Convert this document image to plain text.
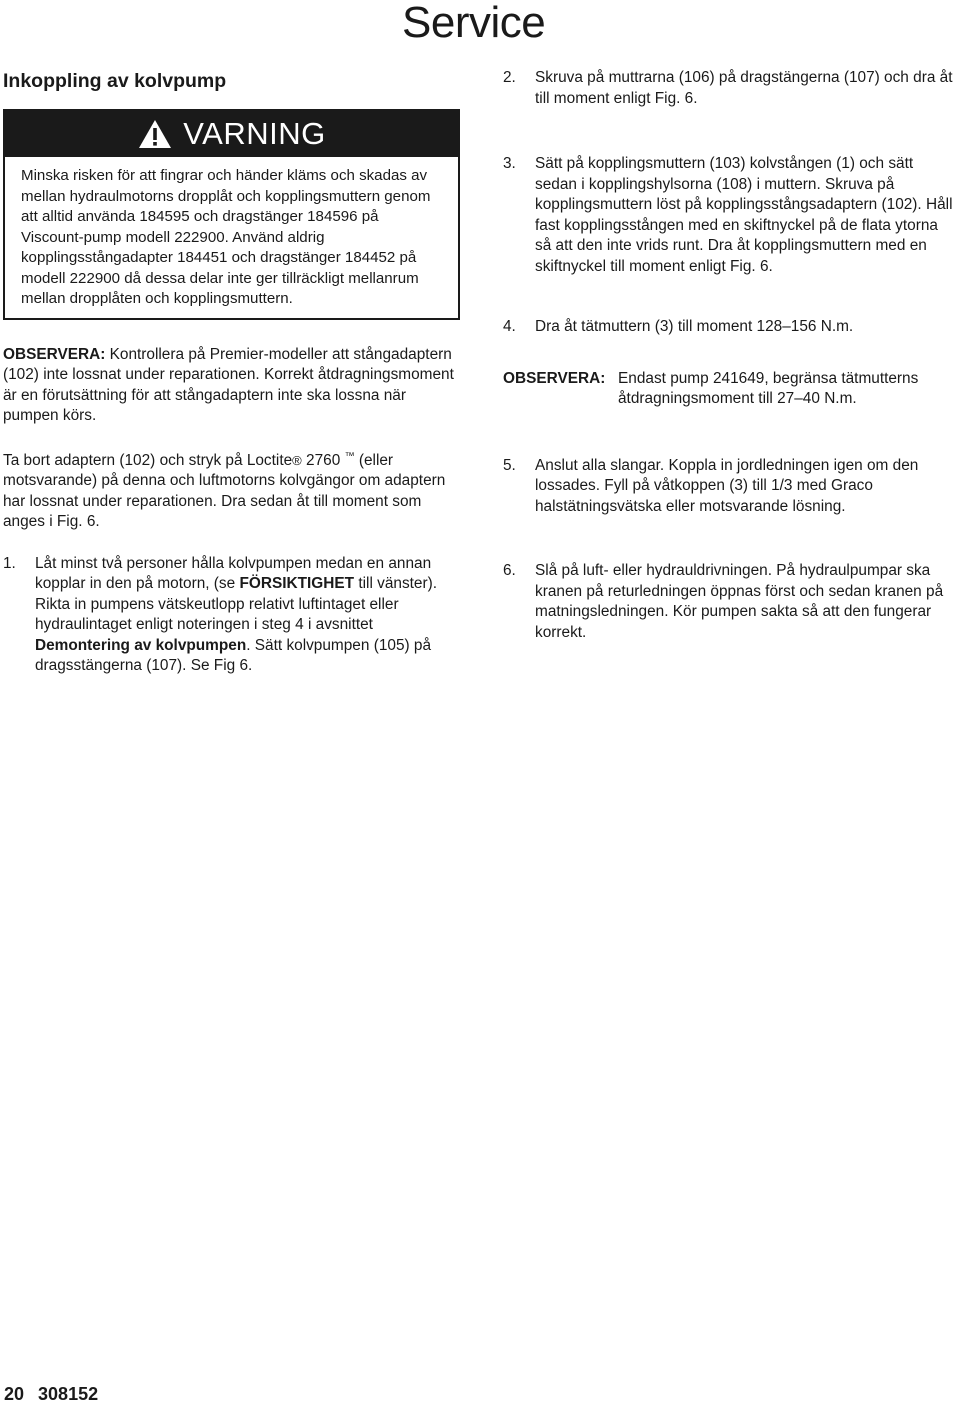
Service
Inkoppling av kolvpump
VARNING
Minska risken för att fingrar och händer kläms och skadas av mellan hydraulmotorns dropplåt och kopplingsmuttern genom att alltid använda 184595 och dragstänger 184596 på Viscount-pump modell 222900. Använd aldrig kopplingsstångadapter 184451 och dragstänger 184452 på modell 222900 då dessa delar inte ger tillräckligt mellanrum mellan dropplåten och kopplingsmuttern.

OBSERVERA: Kontrollera på Premier-modeller att stångadaptern (102) inte lossnat under reparationen. Korrekt åtdragningsmoment är en förutsättning för att stångadaptern inte ska lossna när pumpen körs.

Ta bort adaptern (102) och stryk på Loctite® 2760 ™ (eller motsvarande) på denna och luftmotorns kolvgängor om adaptern har lossnat under reparationen. Dra sedan åt till moment som anges i Fig. 6.

1.	Låt minst två personer hålla kolvpumpen medan en annan kopplar in den på motorn, (se FÖRSIKTIGHET till vänster). Rikta in pumpens vätskeutlopp relativt luftintaget eller hydraulintaget enligt noteringen i steg 4 i avsnittet Demontering av kolvpumpen. Sätt kolvpumpen (105) på dragsstängerna (107). Se Fig 6.
2.	Skruva på muttrarna (106) på dragstängerna (107) och dra åt till moment enligt Fig. 6.
3.	Sätt på kopplingsmuttern (103) kolvstången (1) och sätt sedan i kopplingshylsorna (108) i muttern. Skruva på kopplingsmuttern löst på kopplingsstångsadaptern (102). Håll fast kopplingsstången med en skiftnyckel på de flata ytorna så att den inte vrids runt. Dra åt kopplingsmuttern med en skiftnyckel till moment enligt Fig. 6.
4.	Dra åt tätmuttern (3) till moment 128–156 N.m.
OBSERVERA: Endast pump 241649, begränsa tätmutterns åtdragningsmoment till 27–40 N.m.
5.	Anslut alla slangar. Koppla in jordledningen igen om den lossades. Fyll på våtkoppen (3) till 1/3 med Graco halstätningsvätska eller motsvarande lösning.
6.	Slå på luft- eller hydrauldrivningen. På hydraulpumpar ska kranen på returledningen öppnas först och sedan kranen på matningsledningen. Kör pumpen sakta så att den fungerar korrekt.
20 308152
